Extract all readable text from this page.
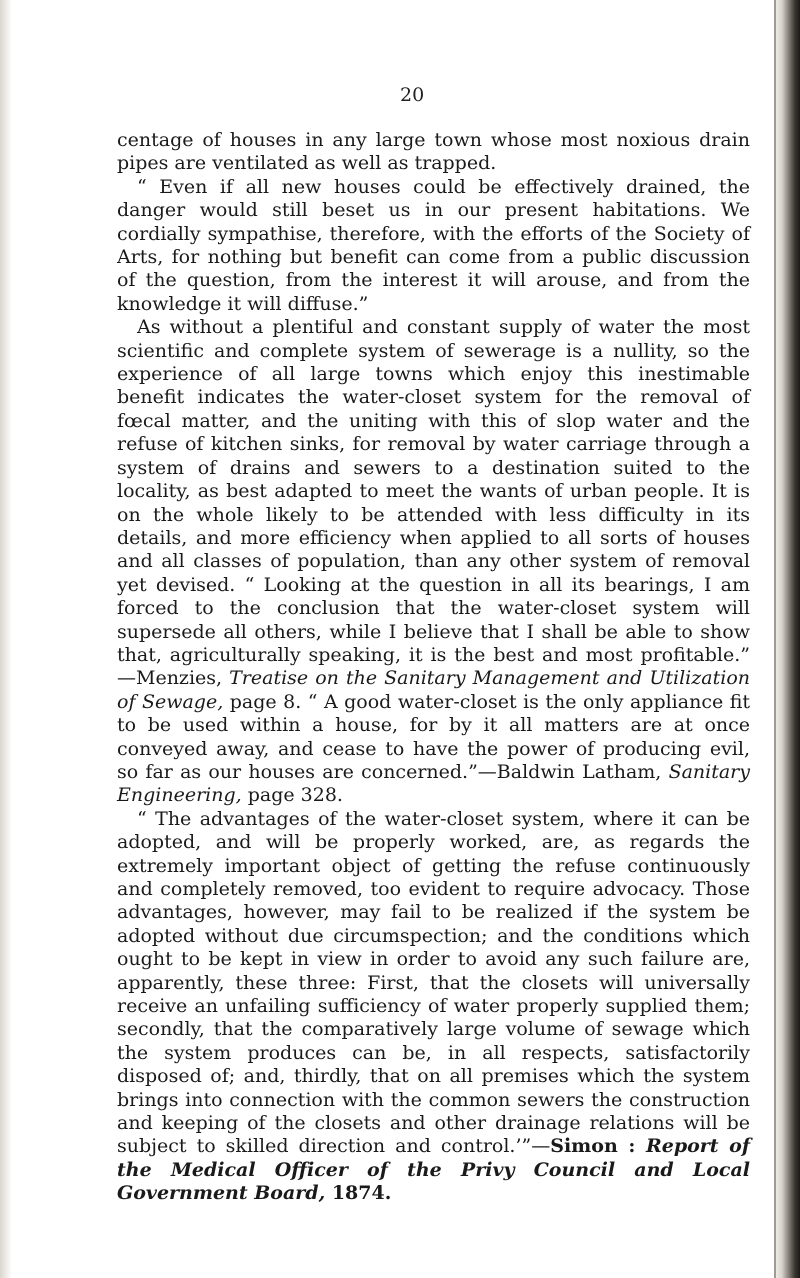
20

centage of houses in any large town whose most noxious drain pipes are ventilated as well as trapped.

“ Even if all new houses could be effectively drained, the danger would still beset us in our present habitations. We cordially sympathise, therefore, with the efforts of the Society of Arts, for nothing but benefit can come from a public discussion of the question, from the interest it will arouse, and from the knowledge it will diffuse.”

As without a plentiful and constant supply of water the most scientific and complete system of sewerage is a nullity, so the experience of all large towns which enjoy this inestimable benefit indicates the water-closet system for the removal of fœcal matter, and the uniting with this of slop water and the refuse of kitchen sinks, for removal by water carriage through a system of drains and sewers to a destination suited to the locality, as best adapted to meet the wants of urban people. It is on the whole likely to be attended with less difficulty in its details, and more efficiency when applied to all sorts of houses and all classes of population, than any other system of removal yet devised. “ Looking at the question in all its bearings, I am forced to the conclusion that the water-closet system will supersede all others, while I believe that I shall be able to show that, agriculturally speaking, it is the best and most profitable.” —Menzies, Treatise on the Sanitary Management and Utilization of Sewage, page 8. “ A good water-closet is the only appliance fit to be used within a house, for by it all matters are at once conveyed away, and cease to have the power of producing evil, so far as our houses are concerned.”—Baldwin Latham, Sanitary Engineering, page 328.

“ The advantages of the water-closet system, where it can be adopted, and will be properly worked, are, as regards the extremely important object of getting the refuse continuously and completely removed, too evident to require advocacy. Those advantages, however, may fail to be realized if the system be adopted without due circumspection; and the conditions which ought to be kept in view in order to avoid any such failure are, apparently, these three: First, that the closets will universally receive an unfailing sufficiency of water properly supplied them; secondly, that the comparatively large volume of sewage which the system produces can be, in all respects, satisfactorily disposed of; and, thirdly, that on all premises which the system brings into connection with the common sewers the construction and keeping of the closets and other drainage relations will be subject to skilled direction and control.’”—Simon : Report of the Medical Officer of the Privy Council and Local Government Board, 1874.
